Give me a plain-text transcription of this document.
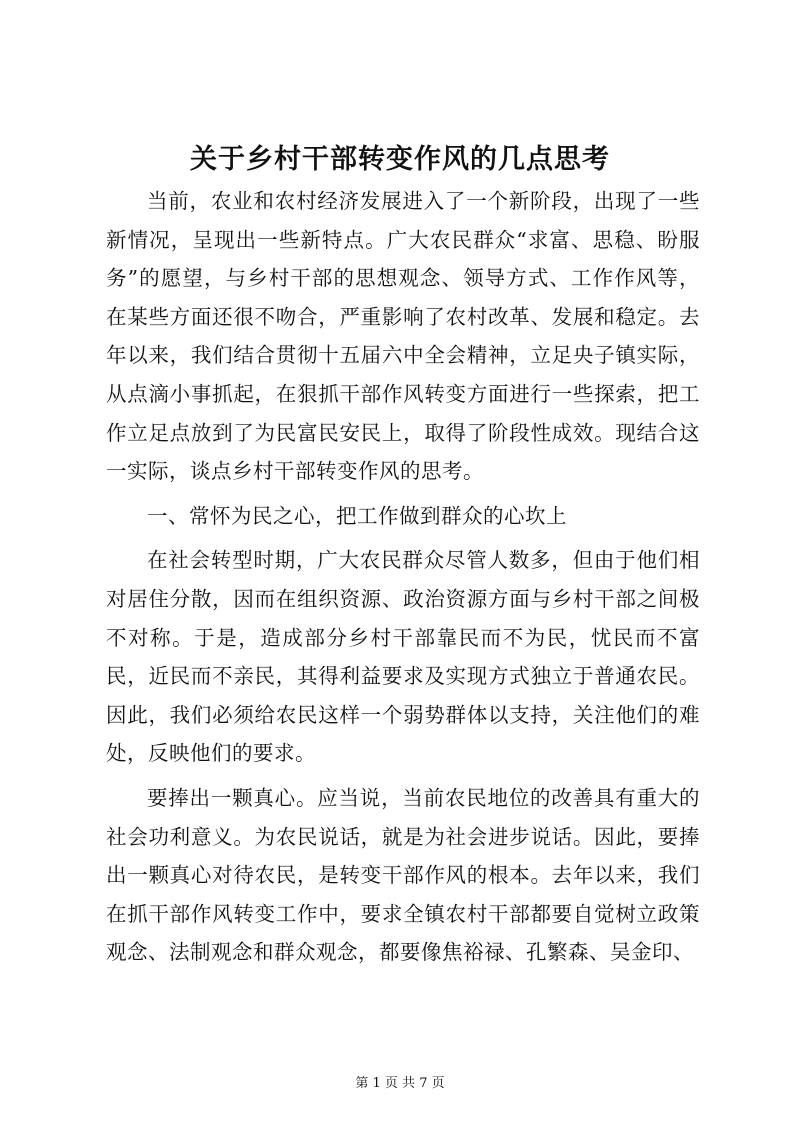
关于乡村干部转变作风的几点思考

当前，农业和农村经济发展进入了一个新阶段，出现了一些新情况，呈现出一些新特点。广大农民群众“求富、思稳、盼服务”的愿望，与乡村干部的思想观念、领导方式、工作作风等，在某些方面还很不吻合，严重影响了农村改革、发展和稳定。去年以来，我们结合贯彻十五届六中全会精神，立足央子镇实际，从点滴小事抓起，在狠抓干部作风转变方面进行一些探索，把工作立足点放到了为民富民安民上，取得了阶段性成效。现结合这一实际，谈点乡村干部转变作风的思考。

一、常怀为民之心，把工作做到群众的心坎上

在社会转型时期，广大农民群众尽管人数多，但由于他们相对居住分散，因而在组织资源、政治资源方面与乡村干部之间极不对称。于是，造成部分乡村干部靠民而不为民，忧民而不富民，近民而不亲民，其得利益要求及实现方式独立于普通农民。因此，我们必须给农民这样一个弱势群体以支持，关注他们的难处，反映他们的要求。

要捧出一颗真心。应当说，当前农民地位的改善具有重大的社会功利意义。为农民说话，就是为社会进步说话。因此，要捧出一颗真心对待农民，是转变干部作风的根本。去年以来，我们在抓干部作风转变工作中，要求全镇农村干部都要自觉树立政策观念、法制观念和群众观念，都要像焦裕禄、孔繁森、吴金印、

第 1 页 共 7 页
